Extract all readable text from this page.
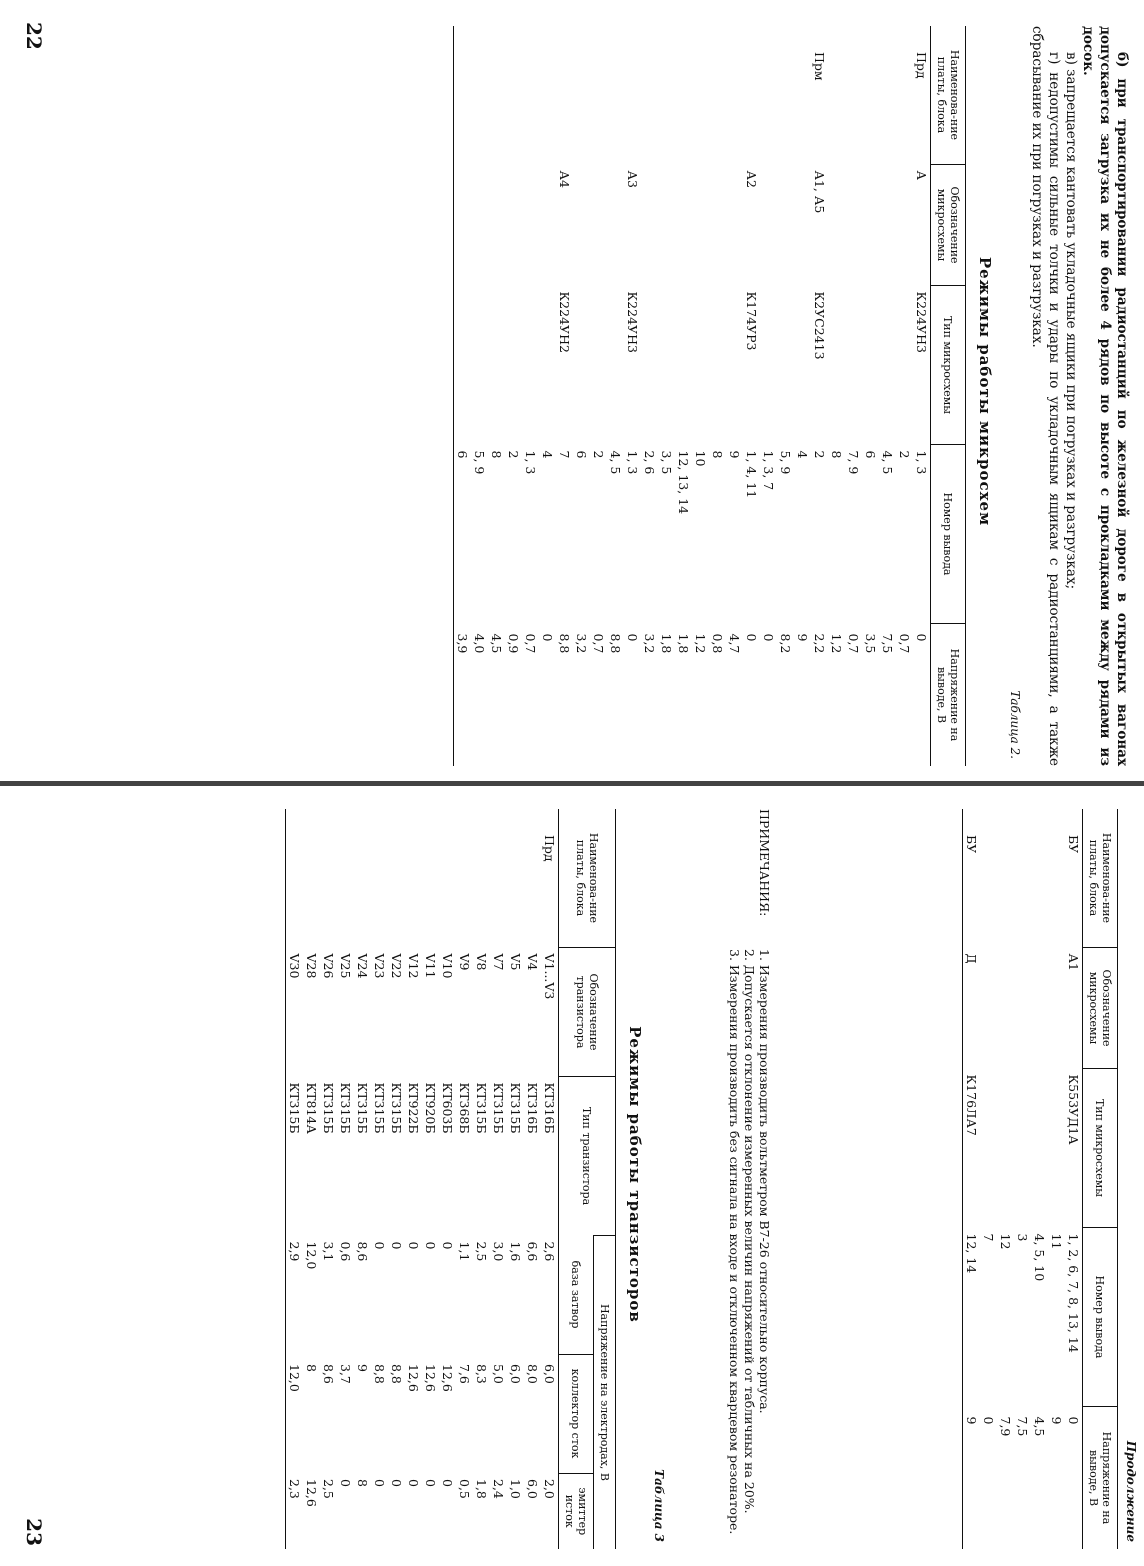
б) при транспортировании радиостанций по железной дороге в открытых вагонах допускается загрузка их не более 4 рядов по высоте с прокладками между рядами из досок.

в) запрещается кантовать укладочные ящики при погрузках и разгрузках;

г) недопустимы сильные толчки и удары по укладочным ящикам с радиостанциями, а также сбрасывание их при погрузках и разгрузках.

Таблица 2.
Режимы работы микросхем
Наименова-ние платы, блока	Обозначение микросхемы	Тип микросхемы	Номер вывода	Напряжение на выводе, В
Прд	А	К224УН3	1, 3	0
			2	0,7
			4, 5	7,5
			6	3,5
			7, 9	0,7
			8	1,2
Прм	А1, А5	К2УС2413	2	2,2
			4	9
			5, 9	8,2
			1, 3, 7	0
	А2	К174УР3	1, 4, 11	0
			9	4,7
			8	0,8
			10	1,2
			12, 13, 14	1,8
			3, 5	1,8
			2, 6	3,2
	А3	К224УН3	1, 3	0
			4, 5	8,8
			2	0,7
			6	3,2
	А4	К224УН2	7	8,8
			4	0
			1, 3	0,7
			2	0,9
			8	4,5
			5, 9	4,0
			6	3,9
22
Продолжение
Наименова-ние платы, блока	Обозначение микросхемы	Тип микросхемы	Номер вывода	Напряжение на выводе, В
БУ	А1	К553УД1А	1, 2, 6, 7, 8, 13, 14	0
			11	9
			4, 5, 10	4,5
			3	7,5
			12	7,9
			7	0
БУ	Д	К176ЛА7	12, 14	9
ПРИМЕЧАНИЯ:
1. Измерения производить вольтметром В7-26 относительно корпуса.
2. Допускается отклонение измеренных величин напряжений от табличных на 20%.
3. Измерения производить без сигнала на входе и отключенном кварцевом резонаторе.
Таблица 3
Режимы работы транзисторов
Наименова-ние платы, блока	Обозначение транзистора	Тип транзистора	Напряжение на электродах, В		
			база затвор	коллектор сток	эмиттер исток
Прд	V1...V3	КТ316Б	2,6	6,0	2,0
	V4	КТ316Б	6,6	8,0	6,0
	V5	КТ315Б	1,6	6,0	1,0
	V7	КТ315Б	3,0	5,0	2,4
	V8	КТ315Б	2,5	8,3	1,8
	V9	КТ368Б	1,1	7,6	0,5
	V10	КТ603Б	0	12,6	0
	V11	КТ920Б	0	12,6	0
	V12	КТ922Б	0	12,6	0
	V22	КТ315Б	0	8,8	0
	V23	КТ315Б	0	8,8	0
	V24	КТ315Б	8,6	9	8
	V25	КТ315Б	0,6	3,7	0
	V26	КТ315Б	3,1	8,6	2,5
	V28	КТ814А	12,0	8	12,6
	V30	КТ315Б	2,9	12,0	2,3
23
